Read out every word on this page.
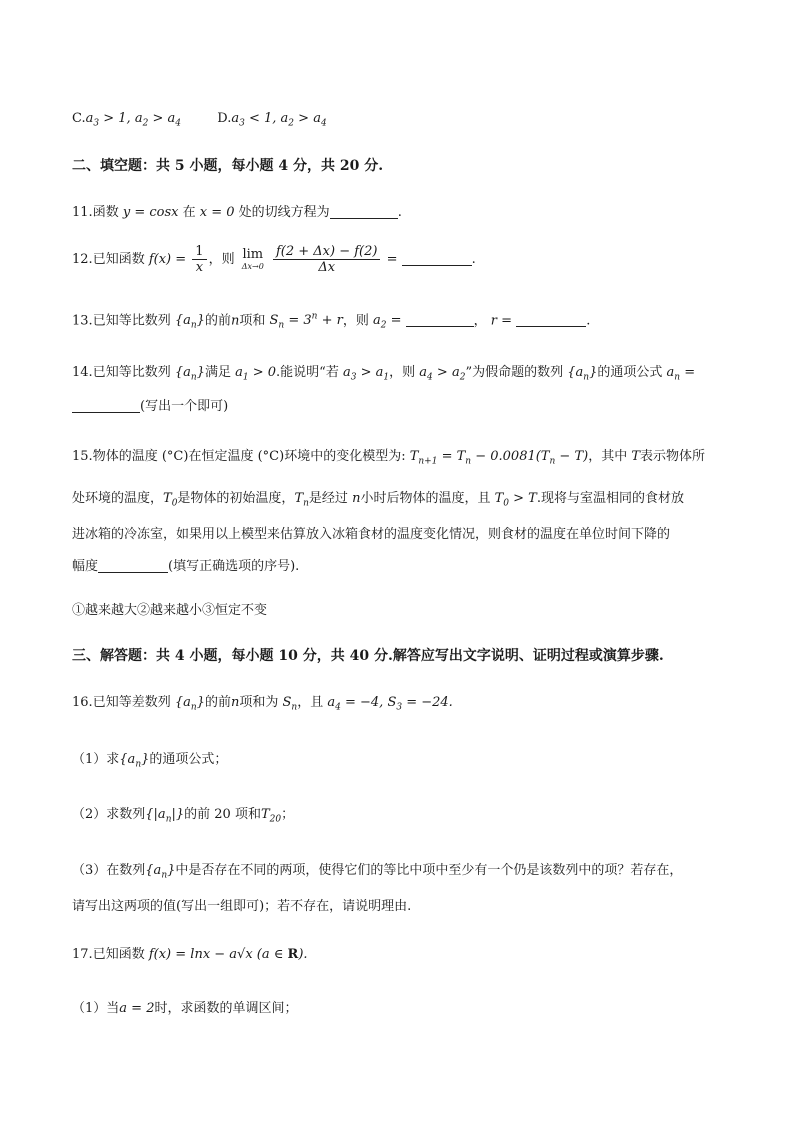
$C.a_3 > 1$, $a_2 > a_4$	$D.a_3 < 1$, $a_2 > a_4$
二、填空题：共 5 小题，每小题 4 分，共 20 分.
11.函数 y = cosx 在 x = 0 处的切线方程为	.
12.已知函数 $f(x) = \frac{1}{x}$ ，则 lim
Δx→0
$\frac{f(2 + \Delta x) - f(2)}{\Delta x}$ =	.
13.已知等比数列 $\{a_n\}$的前n项和 $S_n = 3^n + r$，则 $a_2$ =	， r =	.
14.已知等比数列 $\{a_n\}$满足 $a_1 > 0$.能说明“若 $a_3 > a_1$，则 $a_4 > a_2$”为假命题的数列 $\{a_n\}$的通项公式 $a_n$ =
(写出一个即可)
15.物体的温度 (°C)在恒定温度 (°C)环境中的变化模型为: $T_{n+1} = T_n - 0.0081(T_n - T)$，其中 T表示物体所
处环境的温度，$T_0$是物体的初始温度，$T_n$是经过 n小时后物体的温度，且 $T_0 > T$.现将与室温相同的食材放
进冰箱的冷冻室，如果用以上模型来估算放入冰箱食材的温度变化情况，则食材的温度在单位时间下降的
幅度	(填写正确选项的序号).
①越来越大②越来越小③恒定不变
三、解答题：共 4 小题，每小题 10 分，共 40 分.解答应写出文字说明、证明过程或演算步骤.
16.已知等差数列 $\{a_n\}$的前n项和为 $S_n$，且 $a_4 = -4$, $S_3 = -24$.
（1）求$\{a_n\}$的通项公式；
（2）求数列$\{|a_n|\}$的前 20 项和$T_{20}$；
（3）在数列$\{a_n\}$中是否存在不同的两项，使得它们的等比中项中至少有一个仍是该数列中的项？若存在，
请写出这两项的值(写出一组即可)；若不存在，请说明理由.
17.已知函数 f(x) = lnx − a√x (a ∈ R).
（1）当a = 2时，求函数的单调区间；
